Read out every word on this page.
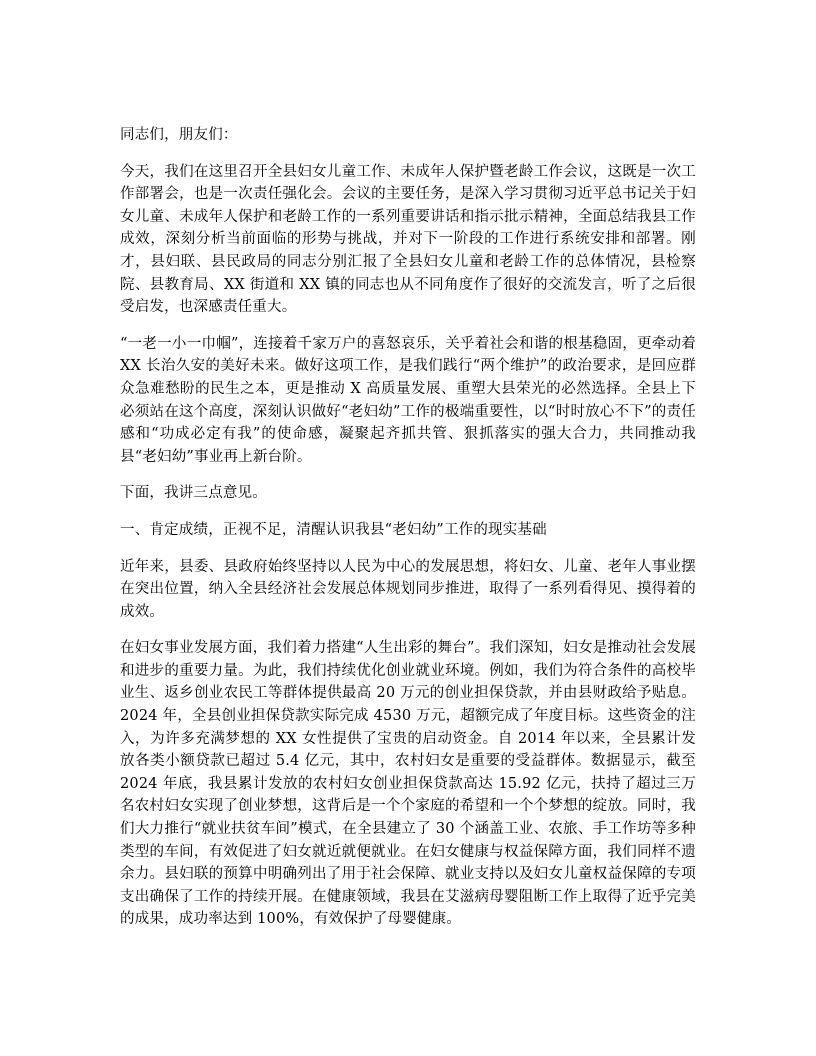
同志们，朋友们：

今天，我们在这里召开全县妇女儿童工作、未成年人保护暨老龄工作会议，这既是一次工作部署会，也是一次责任强化会。会议的主要任务，是深入学习贯彻习近平总书记关于妇女儿童、未成年人保护和老龄工作的一系列重要讲话和指示批示精神，全面总结我县工作成效，深刻分析当前面临的形势与挑战，并对下一阶段的工作进行系统安排和部署。刚才，县妇联、县民政局的同志分别汇报了全县妇女儿童和老龄工作的总体情况，县检察院、县教育局、XX 街道和 XX 镇的同志也从不同角度作了很好的交流发言，听了之后很受启发，也深感责任重大。

“一老一小一巾帼”，连接着千家万户的喜怒哀乐，关乎着社会和谐的根基稳固，更牵动着 XX 长治久安的美好未来。做好这项工作，是我们践行“两个维护”的政治要求，是回应群众急难愁盼的民生之本，更是推动 X 高质量发展、重塑大县荣光的必然选择。全县上下必须站在这个高度，深刻认识做好“老妇幼”工作的极端重要性，以“时时放心不下”的责任感和“功成必定有我”的使命感，凝聚起齐抓共管、狠抓落实的强大合力，共同推动我县“老妇幼”事业再上新台阶。

下面，我讲三点意见。

一、肯定成绩，正视不足，清醒认识我县“老妇幼”工作的现实基础

近年来，县委、县政府始终坚持以人民为中心的发展思想，将妇女、儿童、老年人事业摆在突出位置，纳入全县经济社会发展总体规划同步推进，取得了一系列看得见、摸得着的成效。

在妇女事业发展方面，我们着力搭建“人生出彩的舞台”。我们深知，妇女是推动社会发展和进步的重要力量。为此，我们持续优化创业就业环境。例如，我们为符合条件的高校毕业生、返乡创业农民工等群体提供最高 20 万元的创业担保贷款，并由县财政给予贴息。2024 年，全县创业担保贷款实际完成 4530 万元，超额完成了年度目标。这些资金的注入，为许多充满梦想的 XX 女性提供了宝贵的启动资金。自 2014 年以来，全县累计发放各类小额贷款已超过 5.4 亿元，其中，农村妇女是重要的受益群体。数据显示，截至 2024 年底，我县累计发放的农村妇女创业担保贷款高达 15.92 亿元，扶持了超过三万名农村妇女实现了创业梦想，这背后是一个个家庭的希望和一个个梦想的绽放。同时，我们大力推行“就业扶贫车间”模式，在全县建立了 30 个涵盖工业、农旅、手工作坊等多种类型的车间，有效促进了妇女就近就便就业。在妇女健康与权益保障方面，我们同样不遗余力。县妇联的预算中明确列出了用于社会保障、就业支持以及妇女儿童权益保障的专项支出确保了工作的持续开展。在健康领域，我县在艾滋病母婴阻断工作上取得了近乎完美的成果，成功率达到 100%，有效保护了母婴健康。
